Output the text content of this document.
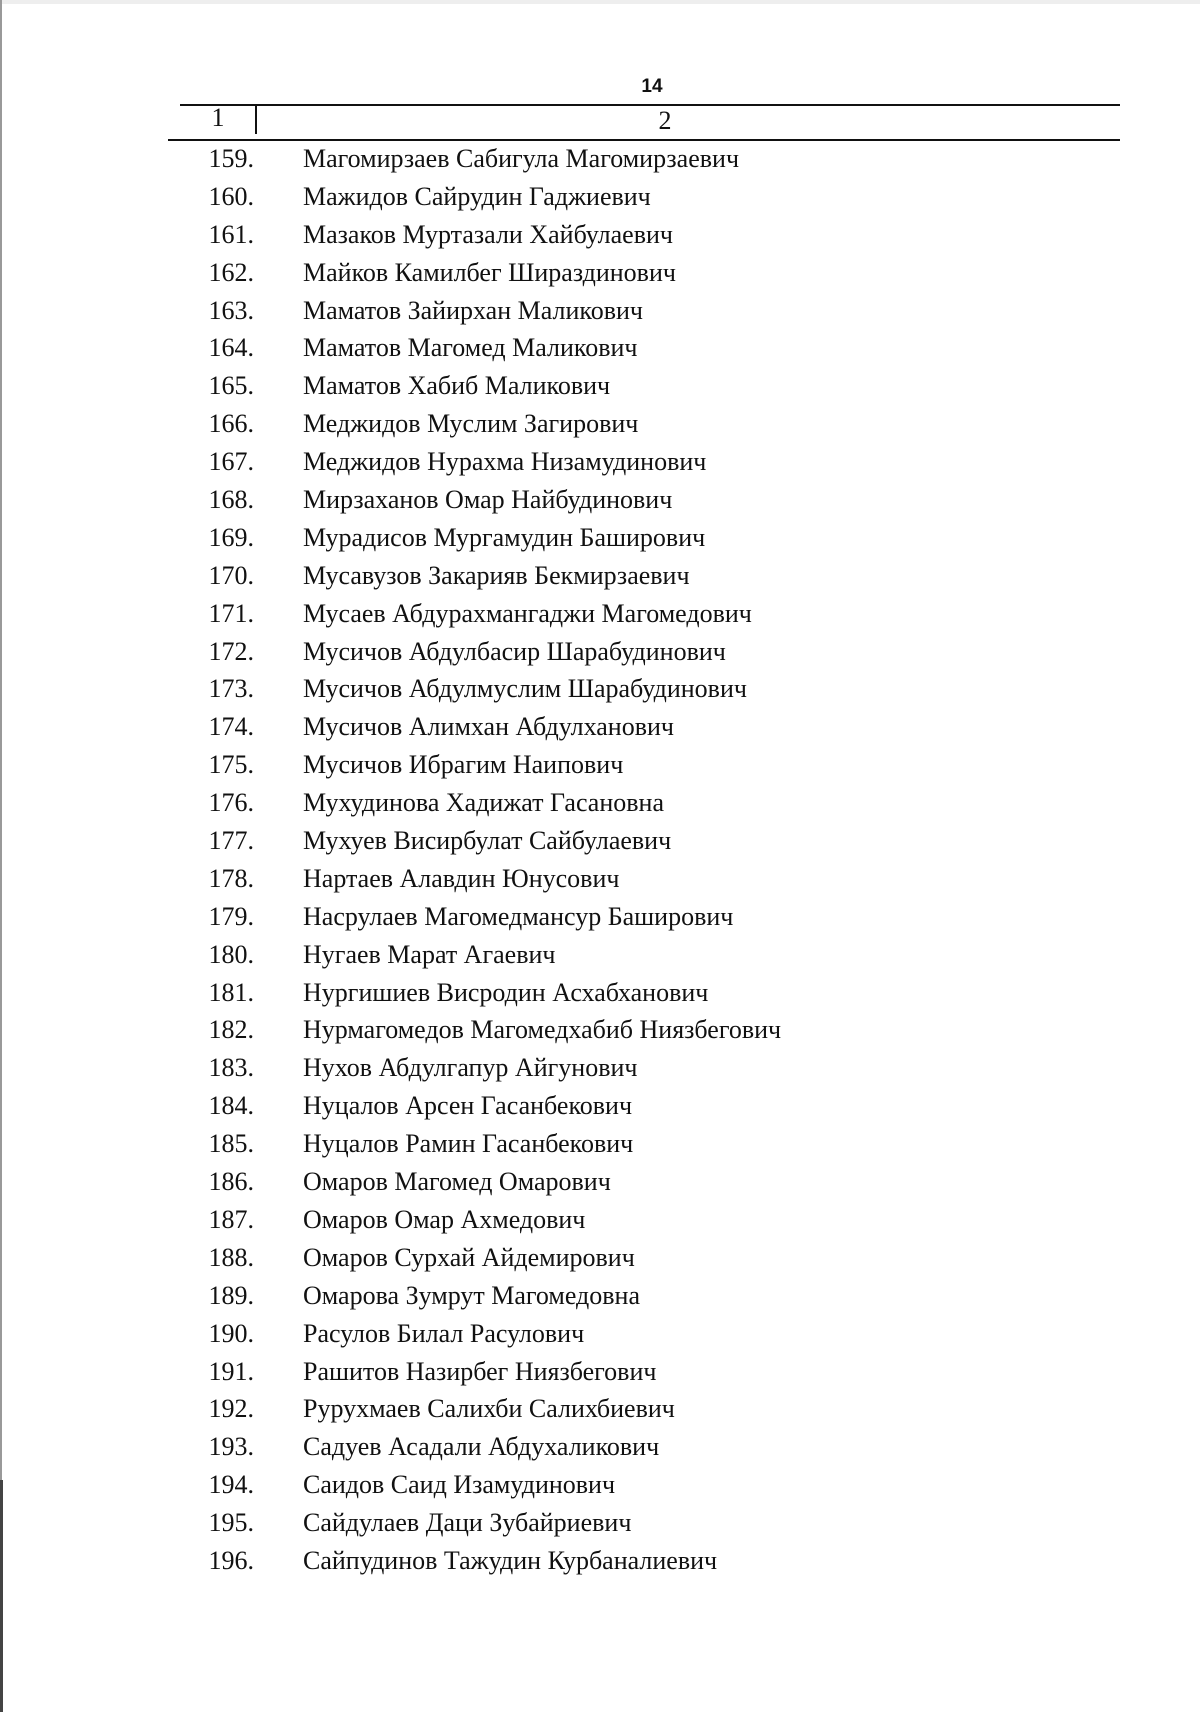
14
1	2
159. Магомирзаев Сабигула Магомирзаевич
160. Мажидов Сайрудин Гаджиевич
161. Мазаков Муртазали Хайбулаевич
162. Майков Камилбег Шираздинович
163. Маматов Зайирхан Маликович
164. Маматов Магомед Маликович
165. Маматов Хабиб Маликович
166. Меджидов Муслим Загирович
167. Меджидов Нурахма Низамудинович
168. Мирзаханов Омар Найбудинович
169. Мурадисов Мургамудин Баширович
170. Мусавузов Закарияв Бекмирзаевич
171. Мусаев Абдурахмангаджи Магомедович
172. Мусичов Абдулбасир Шарабудинович
173. Мусичов Абдулмуслим Шарабудинович
174. Мусичов Алимхан Абдулханович
175. Мусичов Ибрагим Наипович
176. Мухудинова Хадижат Гасановна
177. Мухуев Висирбулат Сайбулаевич
178. Нартаев Алавдин Юнусович
179. Насрулаев Магомедмансур Баширович
180. Нугаев Марат Агаевич
181. Нургишиев Висродин Асхабханович
182. Нурмагомедов Магомедхабиб Ниязбегович
183. Нухов Абдулгапур Айгунович
184. Нуцалов Арсен Гасанбекович
185. Нуцалов Рамин Гасанбекович
186. Омаров Магомед Омарович
187. Омаров Омар Ахмедович
188. Омаров Сурхай Айдемирович
189. Омарова Зумрут Магомедовна
190. Расулов Билал Расулович
191. Рашитов Назирбег Ниязбегович
192. Рурухмаев Салихби Салихбиевич
193. Садуев Асадали Абдухаликович
194. Саидов Саид Изамудинович
195. Сайдулаев Даци Зубайриевич
196. Сайпудинов Тажудин Курбаналиевич
